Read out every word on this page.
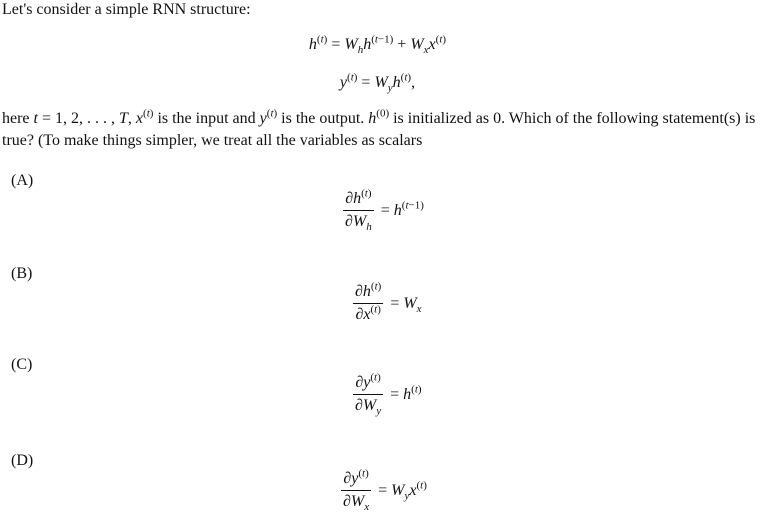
Let's consider a simple RNN structure:
$h^{(t)} = W_hh^{(t-1)} + W_xx^{(t)}$
$y^{(t)} = W_yh^{(t)}$,
here t = 1, 2, . . . , T, $x^{(t)}$ is the input and $y^{(t)}$ is the output. $h^{(0)}$ is initialized as 0. Which of the following statement(s) is true? (To make things simpler, we treat all the variables as scalars
(A)
$\frac{\partial h^{(t)}}{\partial W_h} = h^{(t-1)}$
(B)
$\frac{\partial h^{(t)}}{\partial x^{(t)}} = W_x$
(C)
$\frac{\partial y^{(t)}}{\partial W_y} = h^{(t)}$
(D)
$\frac{\partial y^{(t)}}{\partial W_x} = W_yx^{(t)}$
